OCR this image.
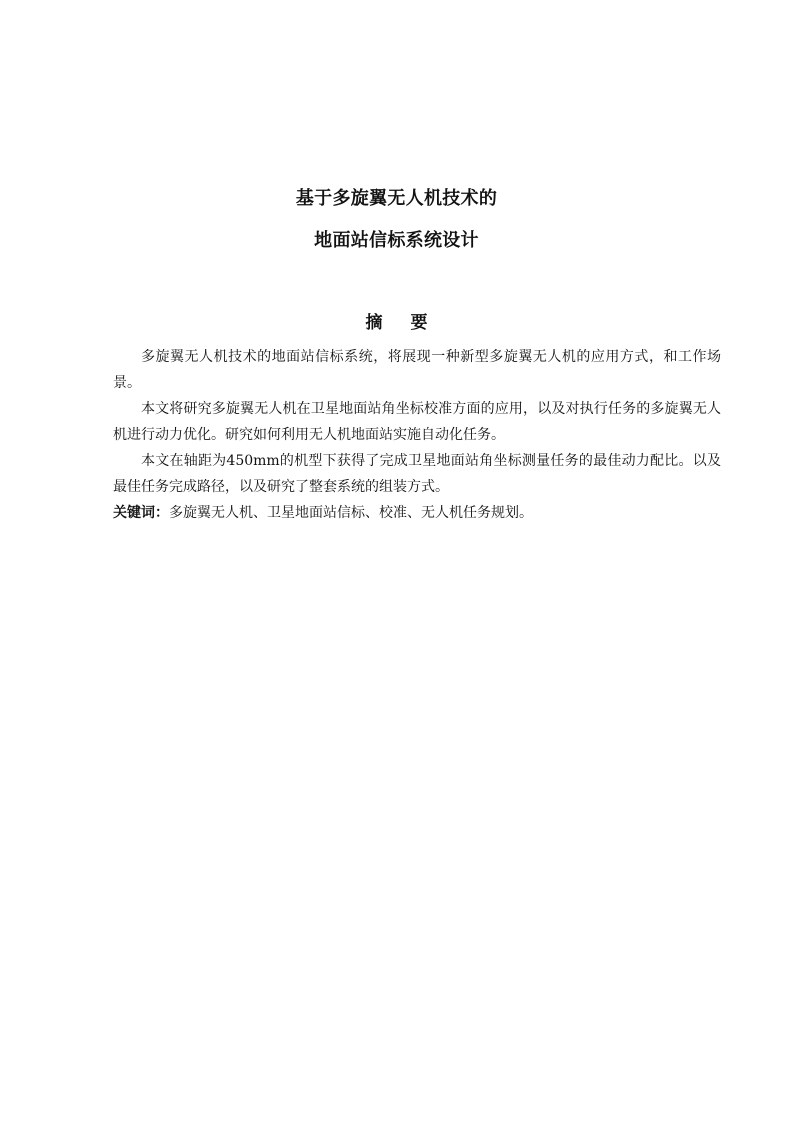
基于多旋翼无人机技术的
地面站信标系统设计
摘 要

多旋翼无人机技术的地面站信标系统，将展现一种新型多旋翼无人机的应用方式，和工作场景。

本文将研究多旋翼无人机在卫星地面站角坐标校准方面的应用，以及对执行任务的多旋翼无人机进行动力优化。研究如何利用无人机地面站实施自动化任务。

本文在轴距为450mm的机型下获得了完成卫星地面站角坐标测量任务的最佳动力配比。以及最佳任务完成路径，以及研究了整套系统的组装方式。

关键词：多旋翼无人机、卫星地面站信标、校准、无人机任务规划。
